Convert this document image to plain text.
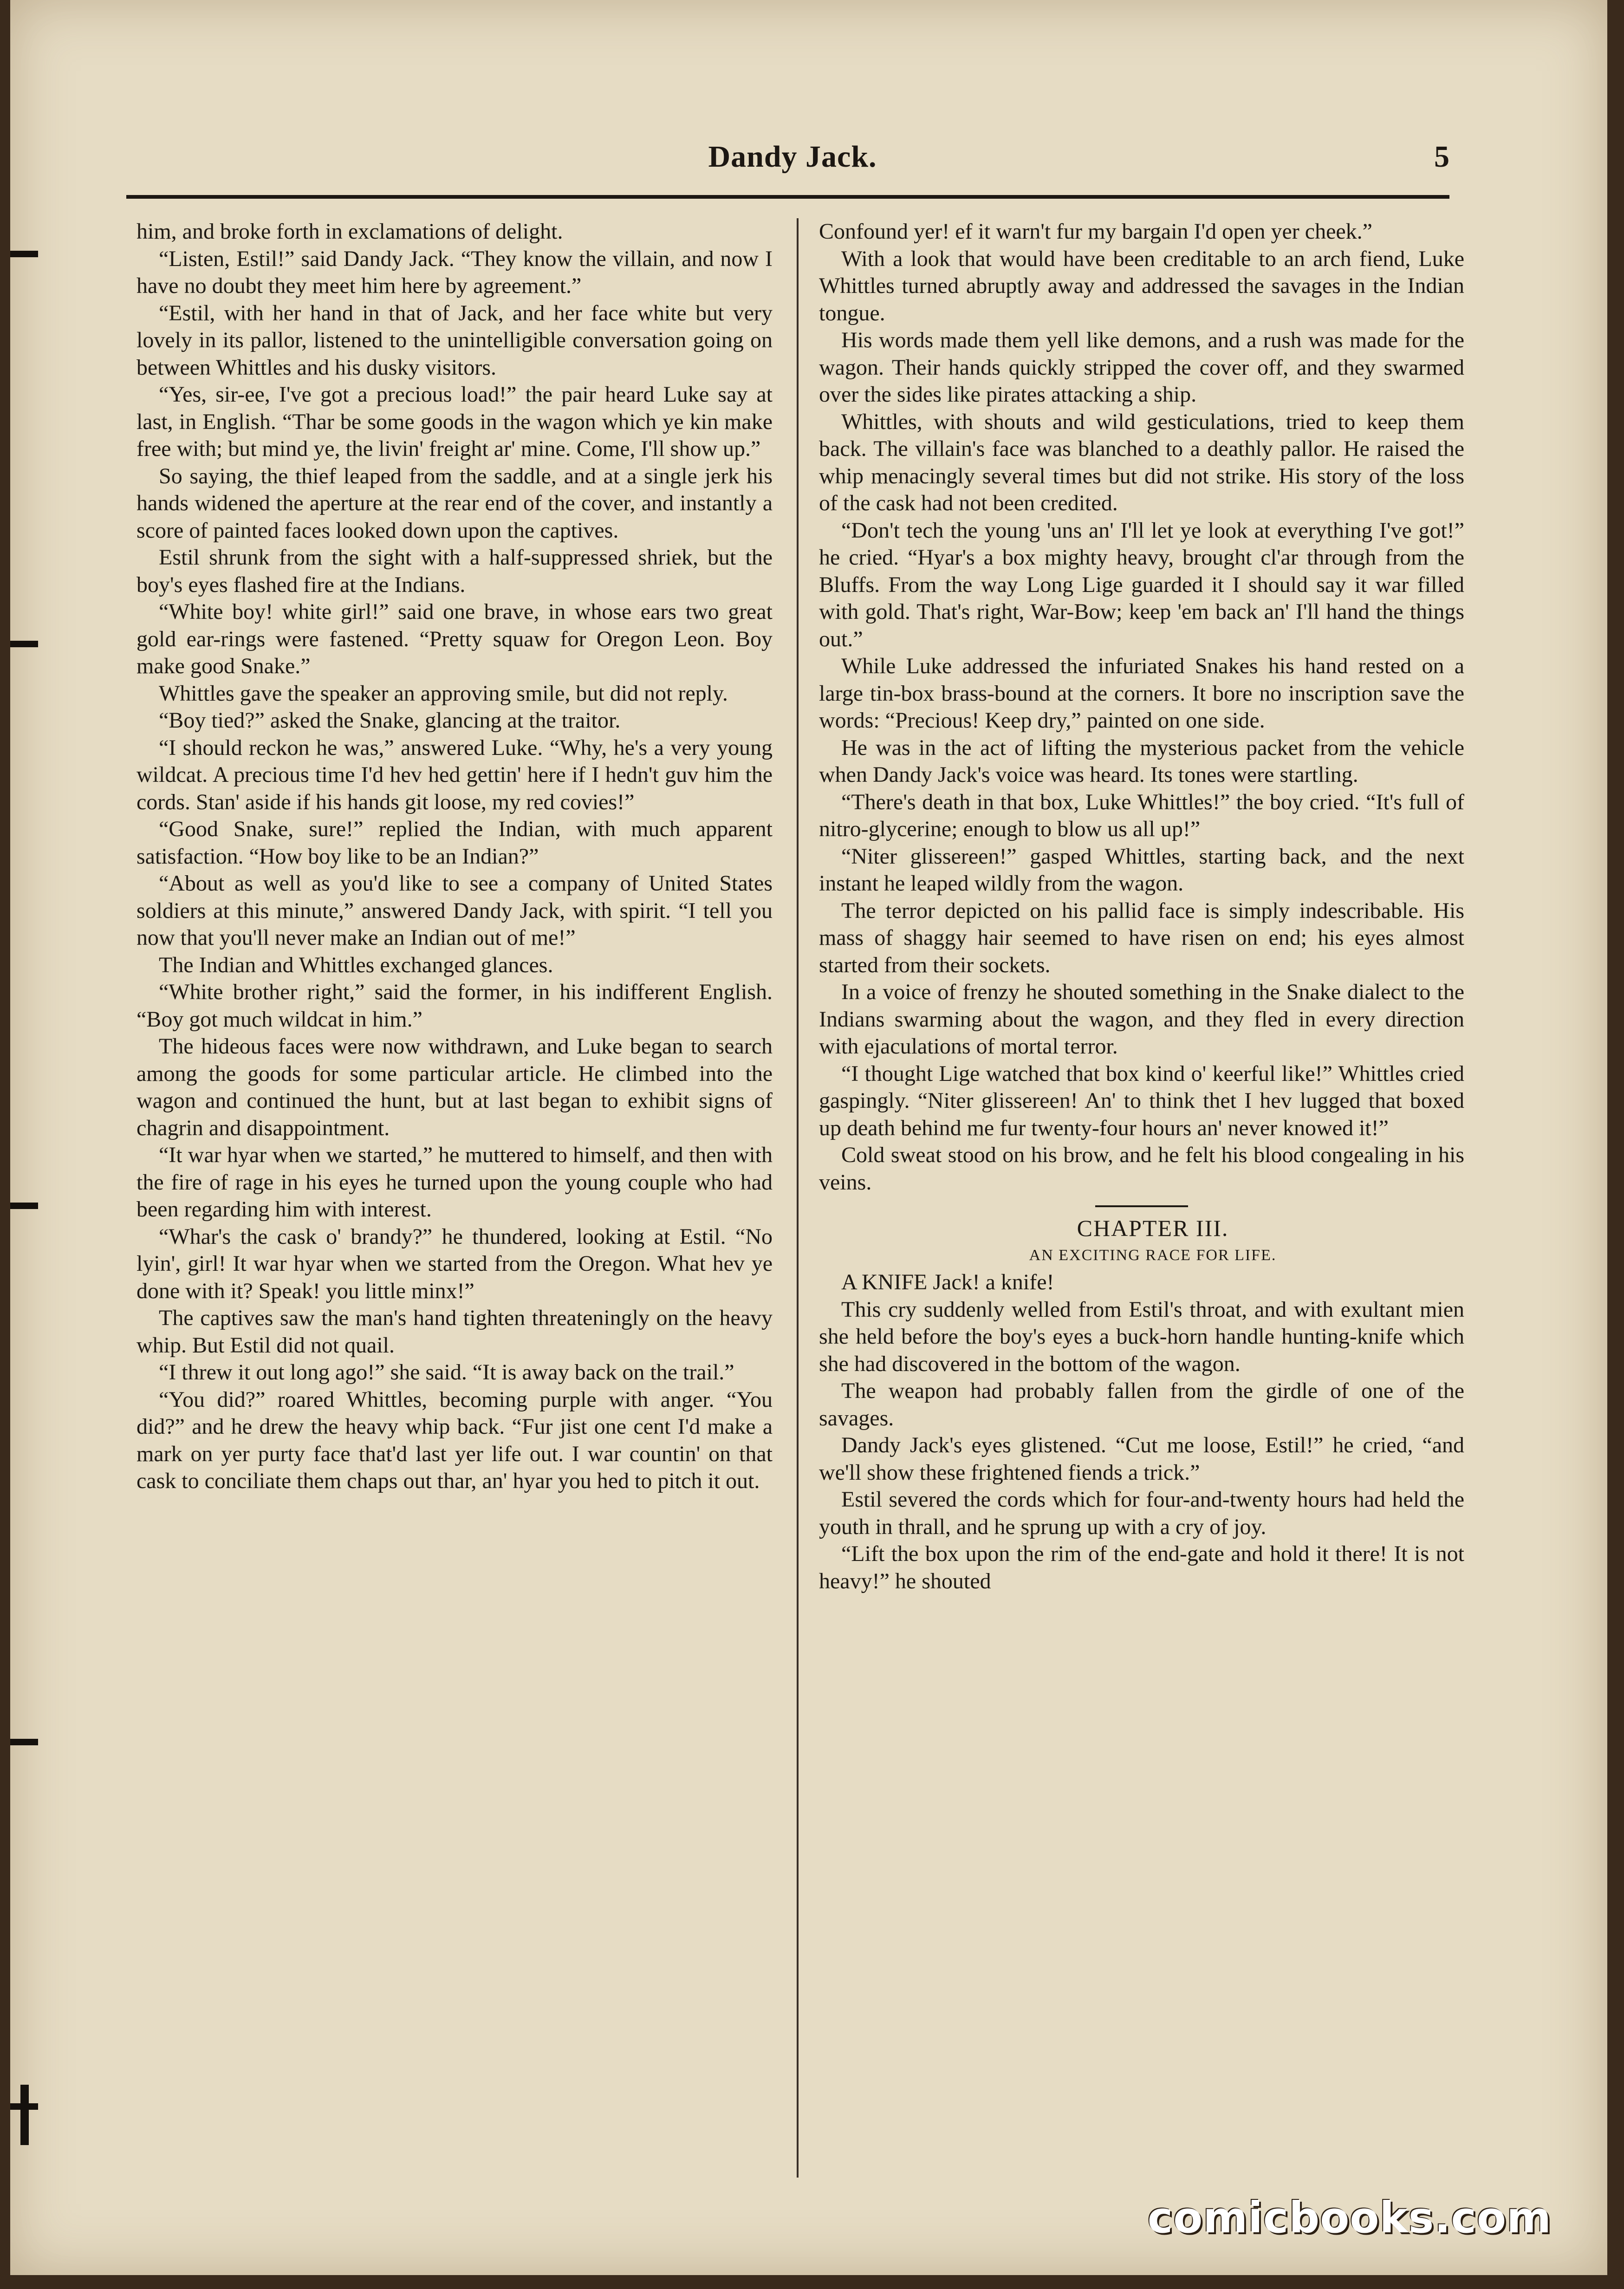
Dandy Jack.	5

him, and broke forth in exclamations of delight.

“Listen, Estil!” said Dandy Jack. “They know the villain, and now I have no doubt they meet him here by agreement.”

“Estil, with her hand in that of Jack, and her face white but very lovely in its pallor, listened to the unintelligible conversation going on between Whittles and his dusky visitors.

“Yes, sir-ee, I've got a precious load!” the pair heard Luke say at last, in English. “Thar be some goods in the wagon which ye kin make free with; but mind ye, the livin' freight ar' mine. Come, I'll show up.”

So saying, the thief leaped from the saddle, and at a single jerk his hands widened the aperture at the rear end of the cover, and instantly a score of painted faces looked down upon the captives.

Estil shrunk from the sight with a half-suppressed shriek, but the boy's eyes flashed fire at the Indians.

“White boy! white girl!” said one brave, in whose ears two great gold ear-rings were fastened. “Pretty squaw for Oregon Leon. Boy make good Snake.”

Whittles gave the speaker an approving smile, but did not reply.

“Boy tied?” asked the Snake, glancing at the traitor.

“I should reckon he was,” answered Luke. “Why, he's a very young wildcat. A precious time I'd hev hed gettin' here if I hedn't guv him the cords. Stan' aside if his hands git loose, my red covies!”

“Good Snake, sure!” replied the Indian, with much apparent satisfaction. “How boy like to be an Indian?”

“About as well as you'd like to see a company of United States soldiers at this minute,” answered Dandy Jack, with spirit. “I tell you now that you'll never make an Indian out of me!”

The Indian and Whittles exchanged glances.

“White brother right,” said the former, in his indifferent English. “Boy got much wildcat in him.”

The hideous faces were now withdrawn, and Luke began to search among the goods for some particular article. He climbed into the wagon and continued the hunt, but at last began to exhibit signs of chagrin and disappointment.

“It war hyar when we started,” he muttered to himself, and then with the fire of rage in his eyes he turned upon the young couple who had been regarding him with interest.

“Whar's the cask o' brandy?” he thundered, looking at Estil. “No lyin', girl! It war hyar when we started from the Oregon. What hev ye done with it? Speak! you little minx!”

The captives saw the man's hand tighten threateningly on the heavy whip. But Estil did not quail.

“I threw it out long ago!” she said. “It is away back on the trail.”

“You did?” roared Whittles, becoming purple with anger. “You did?” and he drew the heavy whip back. “Fur jist one cent I'd make a mark on yer purty face that'd last yer life out. I war countin' on that cask to conciliate them chaps out thar, an' hyar you hed to pitch it out.

Confound yer! ef it warn't fur my bargain I'd open yer cheek.”

With a look that would have been creditable to an arch fiend, Luke Whittles turned abruptly away and addressed the savages in the Indian tongue.

His words made them yell like demons, and a rush was made for the wagon. Their hands quickly stripped the cover off, and they swarmed over the sides like pirates attacking a ship.

Whittles, with shouts and wild gesticulations, tried to keep them back. The villain's face was blanched to a deathly pallor. He raised the whip menacingly several times but did not strike. His story of the loss of the cask had not been credited.

“Don't tech the young 'uns an' I'll let ye look at everything I've got!” he cried. “Hyar's a box mighty heavy, brought cl'ar through from the Bluffs. From the way Long Lige guarded it I should say it war filled with gold. That's right, War-Bow; keep 'em back an' I'll hand the things out.”

While Luke addressed the infuriated Snakes his hand rested on a large tin-box brass-bound at the corners. It bore no inscription save the words: “Precious! Keep dry,” painted on one side.

He was in the act of lifting the mysterious packet from the vehicle when Dandy Jack's voice was heard. Its tones were startling.

“There's death in that box, Luke Whittles!” the boy cried. “It's full of nitro-glycerine; enough to blow us all up!”

“Niter glissereen!” gasped Whittles, starting back, and the next instant he leaped wildly from the wagon.

The terror depicted on his pallid face is simply indescribable. His mass of shaggy hair seemed to have risen on end; his eyes almost started from their sockets.

In a voice of frenzy he shouted something in the Snake dialect to the Indians swarming about the wagon, and they fled in every direction with ejaculations of mortal terror.

“I thought Lige watched that box kind o' keerful like!” Whittles cried gaspingly. “Niter glissereen! An' to think thet I hev lugged that boxed up death behind me fur twenty-four hours an' never knowed it!”

Cold sweat stood on his brow, and he felt his blood congealing in his veins.

CHAPTER III.

AN EXCITING RACE FOR LIFE.

A KNIFE Jack! a knife!

This cry suddenly welled from Estil's throat, and with exultant mien she held before the boy's eyes a buck-horn handle hunting-knife which she had discovered in the bottom of the wagon.

The weapon had probably fallen from the girdle of one of the savages.

Dandy Jack's eyes glistened. “Cut me loose, Estil!” he cried, “and we'll show these frightened fiends a trick.”

Estil severed the cords which for four-and-twenty hours had held the youth in thrall, and he sprung up with a cry of joy.

“Lift the box upon the rim of the end-gate and hold it there! It is not heavy!” he shouted

comicbooks.com
